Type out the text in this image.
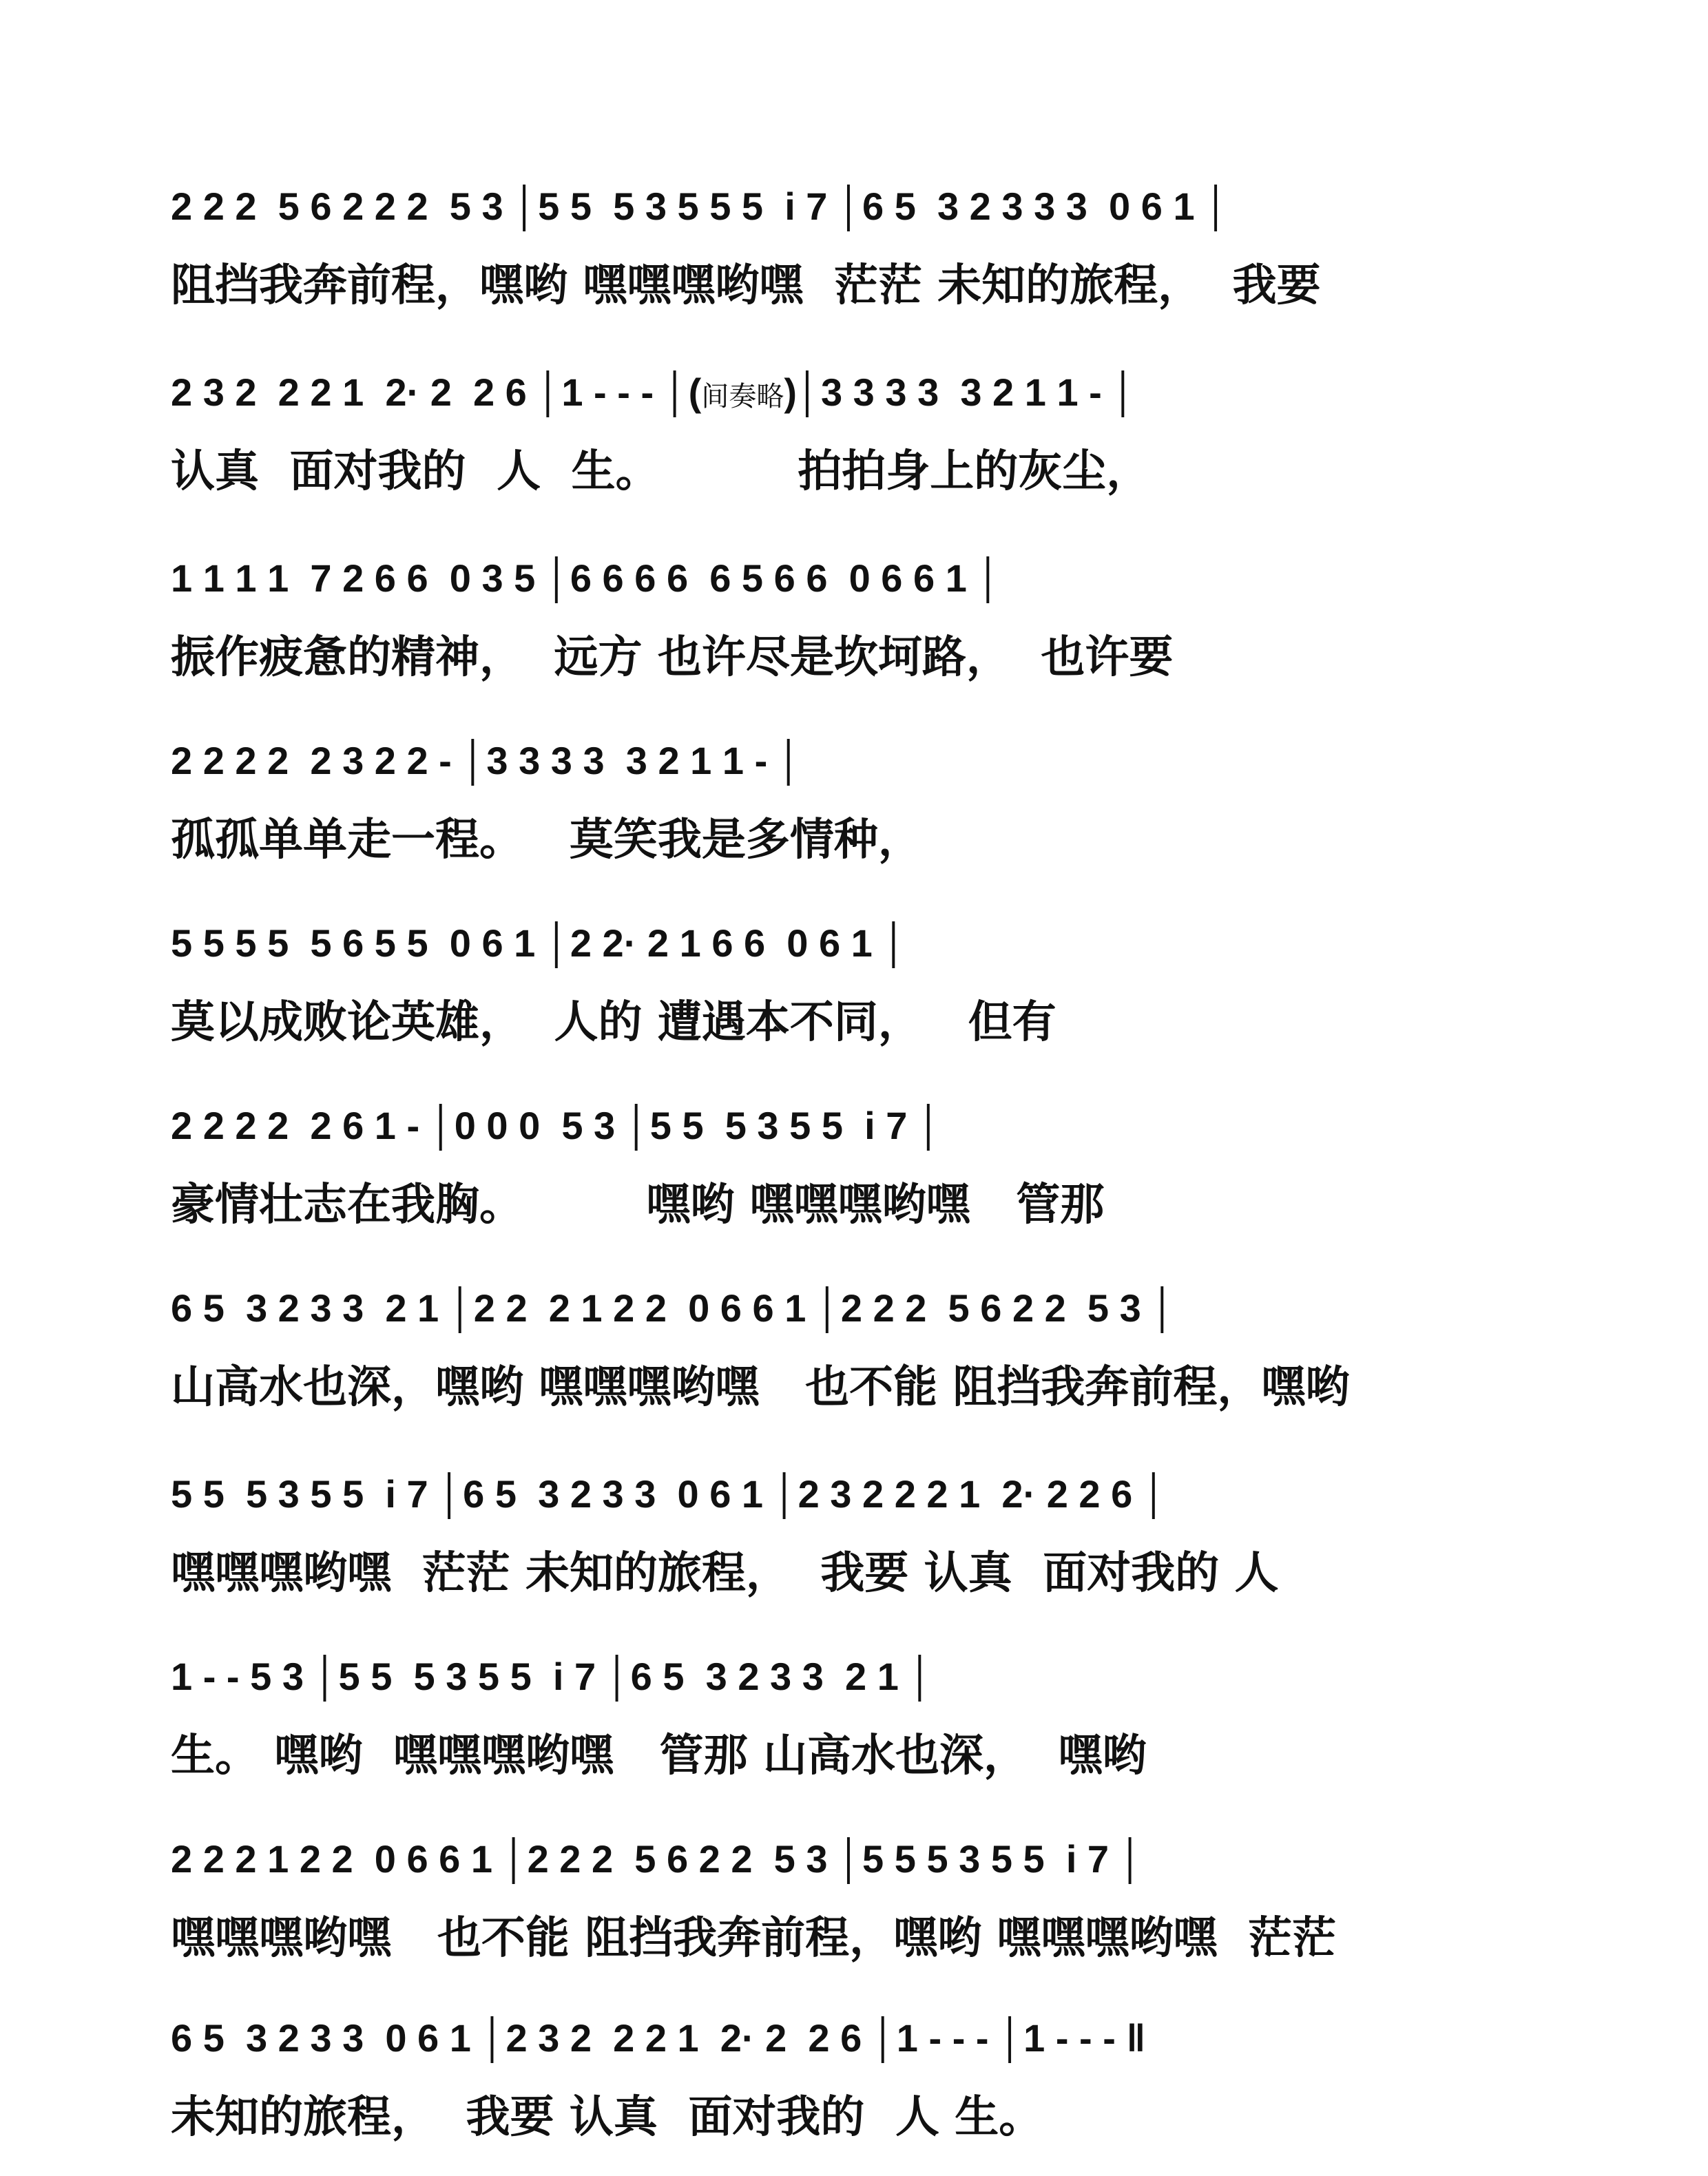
2 2 2  5 6 2 2 2  5 3 │5 5  5 3 5 5 5  i 7 │6 5  3 2 3 3 3  0 6 1 │
阻挡我奔前程，嘿哟 嘿嘿嘿哟嘿  茫茫 未知的旅程，  我要
2 3 2  2 2 1  2· 2  2 6 │1 - - - │(间奏略)│3 3 3 3  3 2 1 1 - │
认真  面对我的  人  生。         拍拍身上的灰尘，
1 1 1 1  7 2 6 6  0 3 5 │6 6 6 6  6 5 6 6  0 6 6 1 │
振作疲惫的精神，  远方 也许尽是坎坷路，  也许要
2 2 2 2  2 3 2 2 - │3 3 3 3  3 2 1 1 - │
孤孤单单走一程。   莫笑我是多情种，
5 5 5 5  5 6 5 5  0 6 1 │2 2· 2 1 6 6  0 6 1 │
莫以成败论英雄，  人的 遭遇本不同，   但有
2 2 2 2  2 6 1 - │0 0 0  5 3 │5 5  5 3 5 5  i 7 │
豪情壮志在我胸。        嘿哟 嘿嘿嘿哟嘿   管那
6 5  3 2 3 3  2 1 │2 2  2 1 2 2  0 6 6 1 │2 2 2  5 6 2 2  5 3 │
山高水也深，嘿哟 嘿嘿嘿哟嘿   也不能 阻挡我奔前程，嘿哟
5 5  5 3 5 5  i 7 │6 5  3 2 3 3  0 6 1 │2 3 2 2 2 1  2· 2 2 6 │
嘿嘿嘿哟嘿  茫茫 未知的旅程，  我要 认真  面对我的 人
1 - - 5 3 │5 5  5 3 5 5  i 7 │6 5  3 2 3 3  2 1 │
生。 嘿哟  嘿嘿嘿哟嘿   管那 山高水也深，  嘿哟
2 2 2 1 2 2  0 6 6 1 │2 2 2  5 6 2 2  5 3 │5 5 5 3 5 5  i 7 │
嘿嘿嘿哟嘿   也不能 阻挡我奔前程，嘿哟 嘿嘿嘿哟嘿  茫茫
6 5  3 2 3 3  0 6 1 │2 3 2  2 2 1  2· 2  2 6 │1 - - - │1 - - - ‖
未知的旅程，  我要 认真  面对我的  人 生。
